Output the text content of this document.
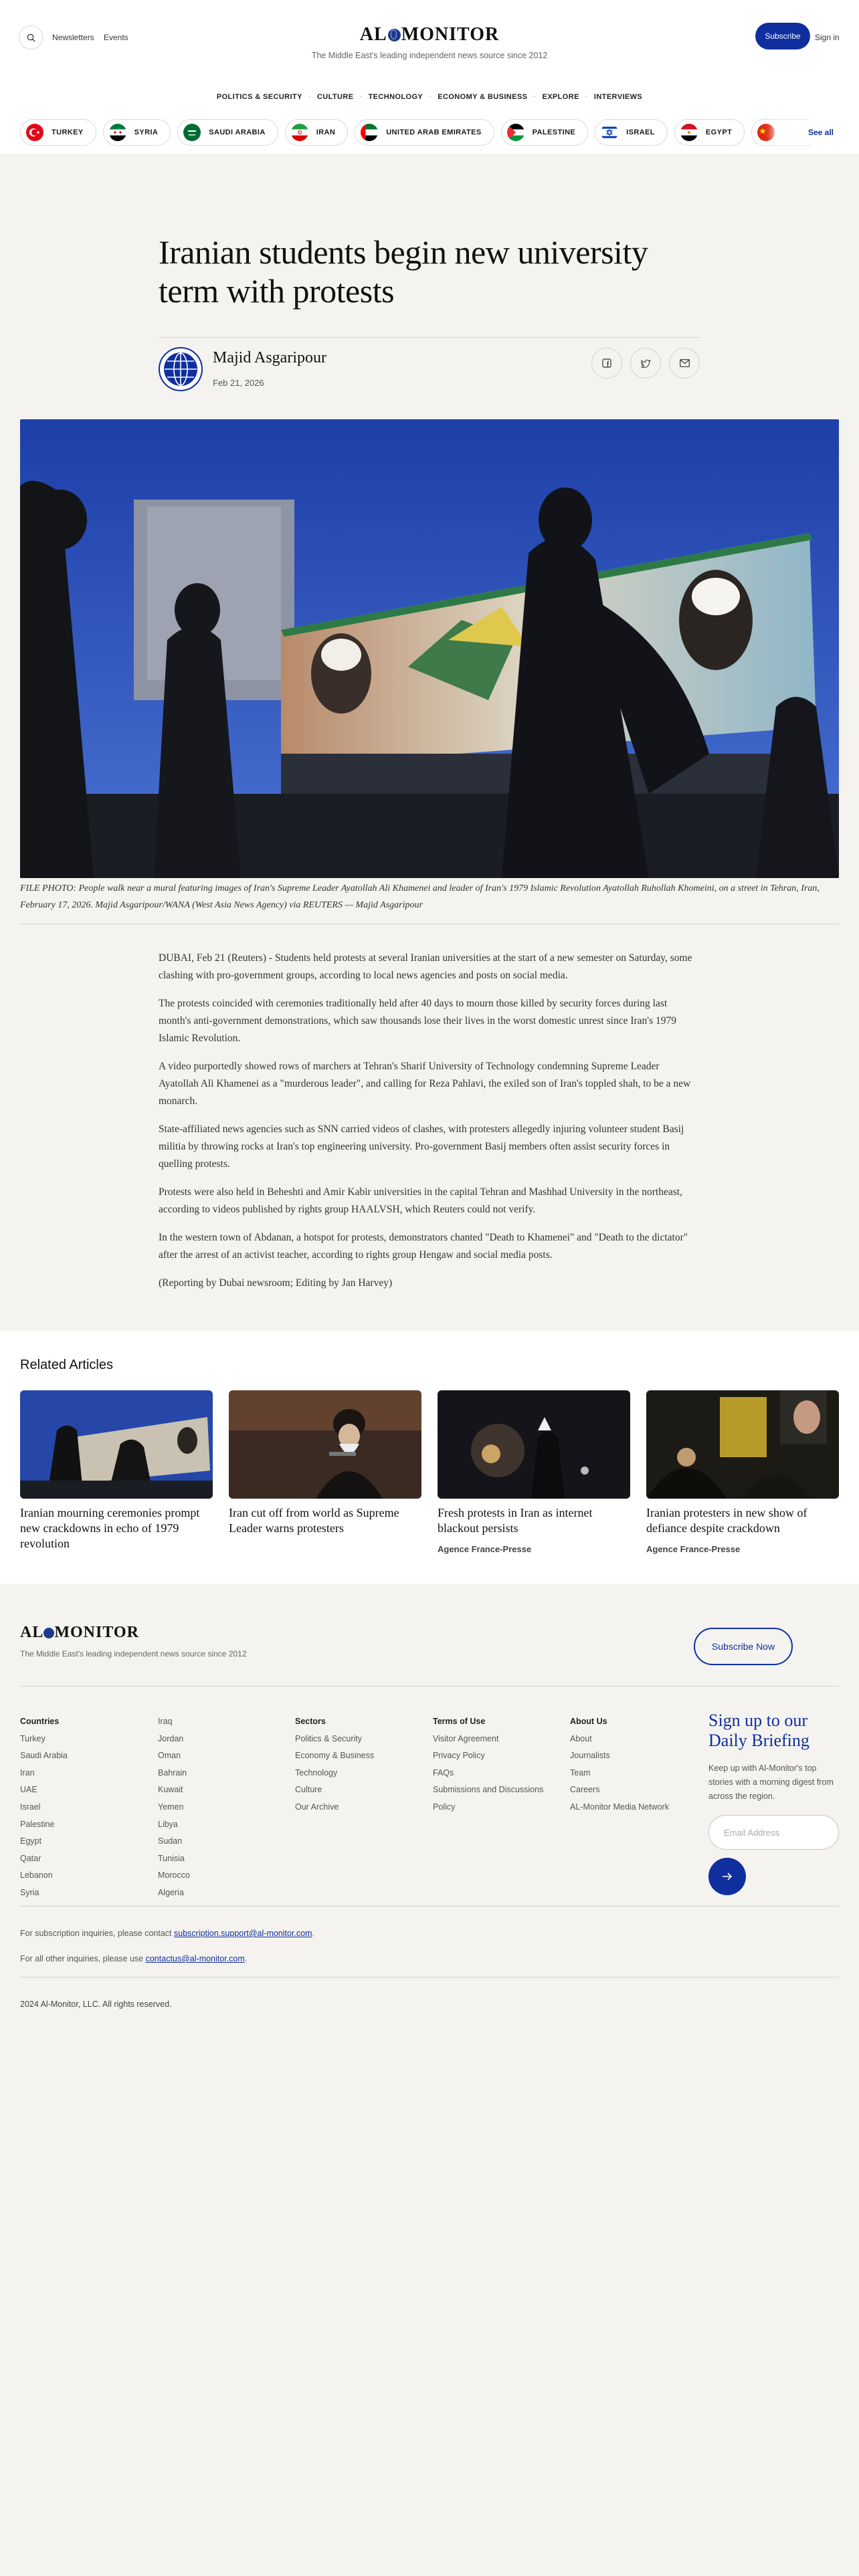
Newsletters Events	AL MONITOR
The Middle East's leading independent news source since 2012
Subscribe	Sign in
POLITICS & SECURITY · CULTURE · TECHNOLOGY · ECONOMY & BUSINESS · EXPLORE · INTERVIEWS
TURKEY	SYRIA	SAUDI ARABIA	IRAN	UNITED ARAB EMIRATES	PALESTINE	ISRAEL	EGYPT	See all
Iranian students begin new university term with protests
Majid Asgaripour
Feb 21, 2026
FILE PHOTO: People walk near a mural featuring images of Iran's Supreme Leader Ayatollah Ali Khamenei and leader of Iran's 1979 Islamic Revolution Ayatollah Ruhollah Khomeini, on a street in Tehran, Iran, February 17, 2026. Majid Asgaripour/WANA (West Asia News Agency) via REUTERS — Majid Asgaripour

DUBAI, Feb 21 (Reuters) - Students held protests at several Iranian universities at the start of a new semester on Saturday, some clashing with pro-government groups, according to local news agencies and posts on social media.

The protests coincided with ceremonies traditionally held after 40 days to mourn those killed by security forces during last month's anti-government demonstrations, which saw thousands lose their lives in the worst domestic unrest since Iran's 1979 Islamic Revolution.

A video purportedly showed rows of marchers at Tehran's Sharif University of Technology condemning Supreme Leader Ayatollah Ali Khamenei as a "murderous leader", and calling for Reza Pahlavi, the exiled son of Iran's toppled shah, to be a new monarch.

State-affiliated news agencies such as SNN carried videos of clashes, with protesters allegedly injuring volunteer student Basij militia by throwing rocks at Iran's top engineering university. Pro-government Basij members often assist security forces in quelling protests.

Protests were also held in Beheshti and Amir Kabir universities in the capital Tehran and Mashhad University in the northeast, according to videos published by rights group HAALVSH, which Reuters could not verify.

In the western town of Abdanan, a hotspot for protests, demonstrators chanted "Death to Khamenei" and "Death to the dictator" after the arrest of an activist teacher, according to rights group Hengaw and social media posts.

(Reporting by Dubai newsroom; Editing by Jan Harvey)

Related Articles
Iranian mourning ceremonies prompt new crackdowns in echo of 1979 revolution
Iran cut off from world as Supreme Leader warns protesters
Fresh protests in Iran as internet blackout persists
Agence France-Presse
Iranian protesters in new show of defiance despite crackdown
Agence France-Presse
AL MONITOR
The Middle East's leading independent news source since 2012
Subscribe Now
Countries
Turkey
Saudi Arabia
Iran
UAE
Israel
Palestine
Egypt
Qatar
Lebanon
Syria
Iraq
Jordan
Oman
Bahrain
Kuwait
Yemen
Libya
Sudan
Tunisia
Morocco
Algeria
Sectors
Politics & Security
Economy & Business
Technology
Culture
Our Archive
Terms of Use
Visitor Agreement
Privacy Policy
FAQs
Submissions and Discussions Policy
About Us
About
Journalists
Team
Careers
AL-Monitor Media Network
Sign up to our Daily Briefing

Keep up with Al-Monitor's top stories with a morning digest from across the region.

Email Address
For subscription inquiries, please contact subscription.support@al-monitor.com.
For all other inquiries, please use contactus@al-monitor.com.
2024 Al-Monitor, LLC. All rights reserved.
